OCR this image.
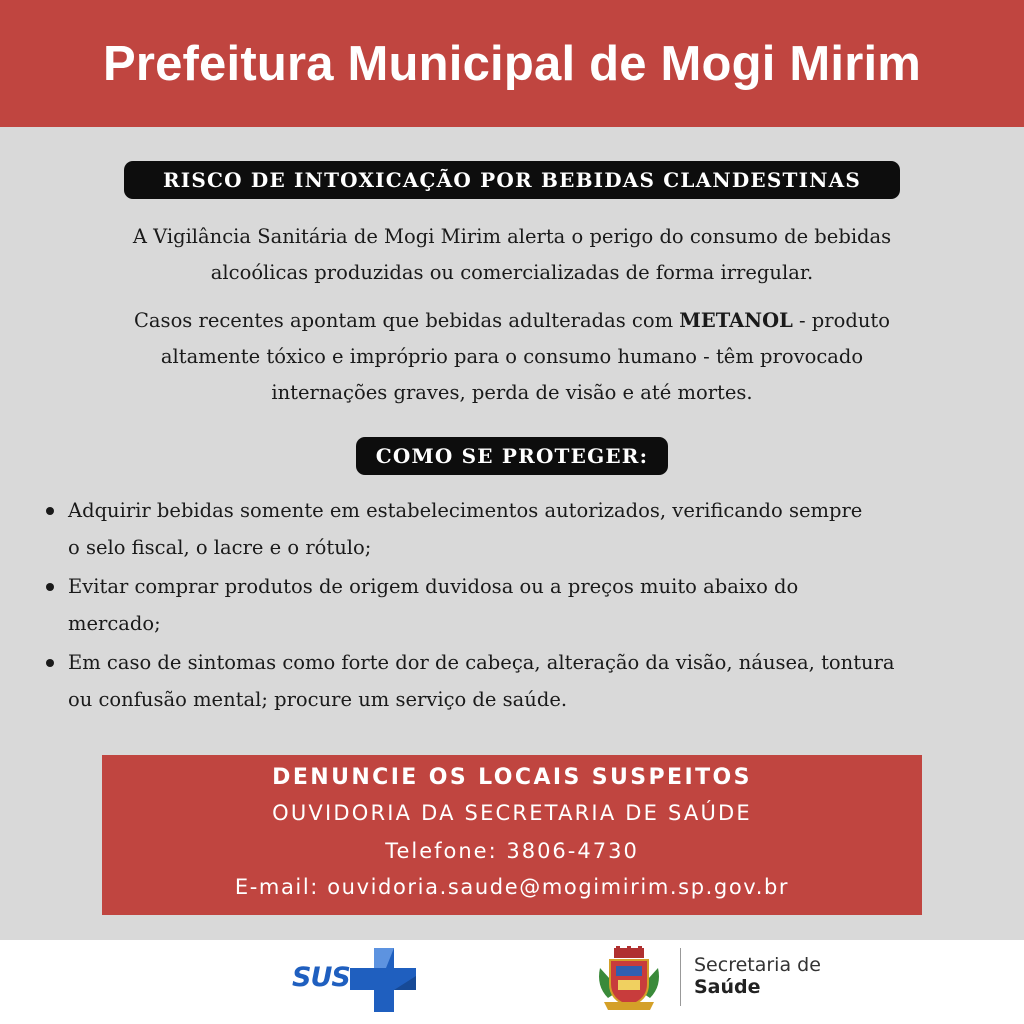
Prefeitura Municipal de Mogi Mirim
RISCO DE INTOXICAÇÃO POR BEBIDAS CLANDESTINAS
A Vigilância Sanitária de Mogi Mirim alerta o perigo do consumo de bebidas
alcoólicas produzidas ou comercializadas de forma irregular.
Casos recentes apontam que bebidas adulteradas com METANOL - produto
altamente tóxico e impróprio para o consumo humano - têm provocado
internações graves, perda de visão e até mortes.
COMO SE PROTEGER:
Adquirir bebidas somente em estabelecimentos autorizados, verificando sempre
o selo fiscal, o lacre e o rótulo;
Evitar comprar produtos de origem duvidosa ou a preços muito abaixo do
mercado;
Em caso de sintomas como forte dor de cabeça, alteração da visão, náusea, tontura
ou confusão mental; procure um serviço de saúde.
DENUNCIE OS LOCAIS SUSPEITOS
OUVIDORIA DA SECRETARIA DE SAÚDE
Telefone: 3806-4730
E-mail: ouvidoria.saude@mogimirim.sp.gov.br
SUS	Secretaria de
Saúde
